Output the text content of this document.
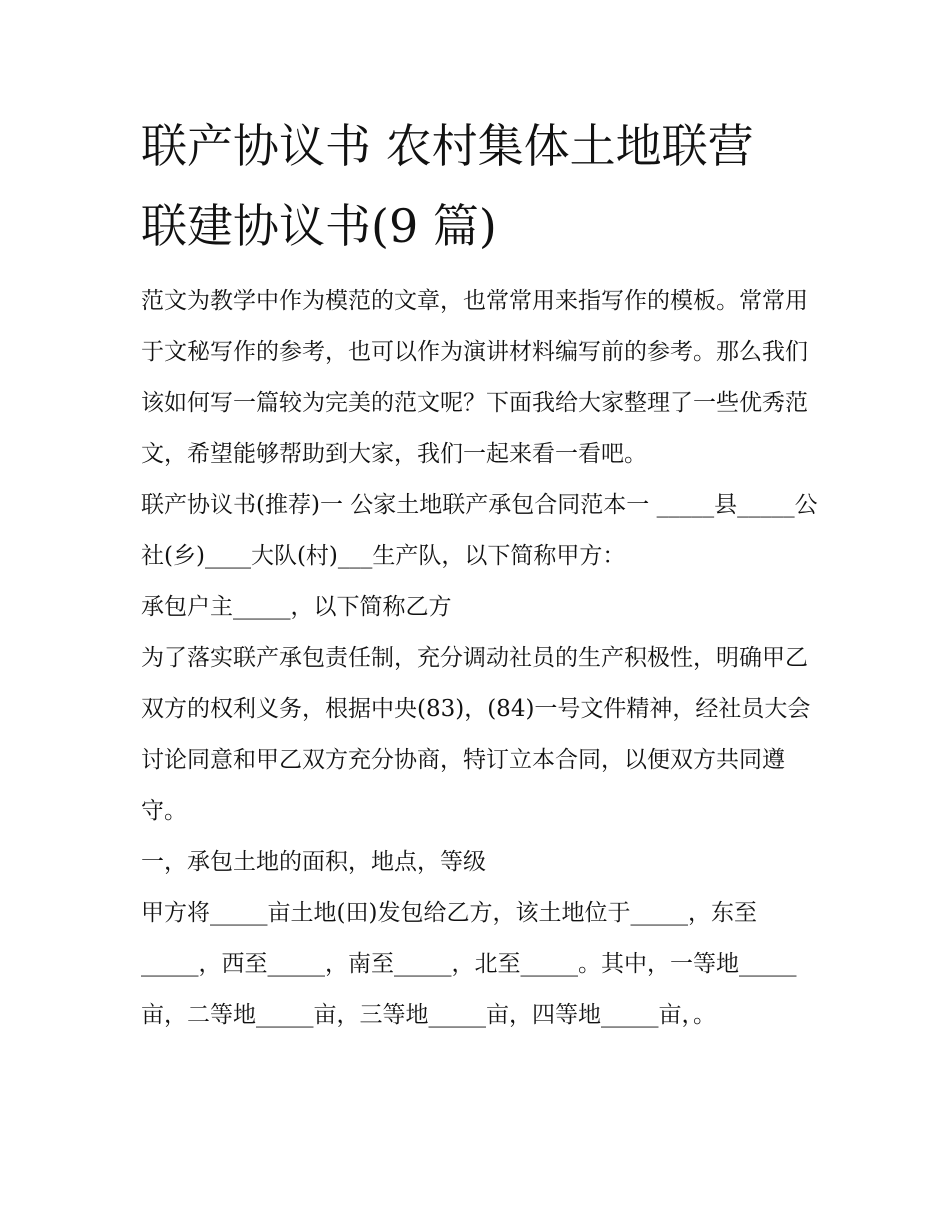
联产协议书 农村集体土地联营
联建协议书(9 篇)

范文为教学中作为模范的文章，也常常用来指写作的模板。常常用于文秘写作的参考，也可以作为演讲材料编写前的参考。那么我们该如何写一篇较为完美的范文呢？下面我给大家整理了一些优秀范文，希望能够帮助到大家，我们一起来看一看吧。

联产协议书(推荐)一 公家土地联产承包合同范本一 _____县_____公社(乡)____大队(村)___生产队，以下简称甲方：

承包户主_____，以下简称乙方

为了落实联产承包责任制，充分调动社员的生产积极性，明确甲乙双方的权利义务，根据中央(83)，(84)一号文件精神，经社员大会讨论同意和甲乙双方充分协商，特订立本合同，以便双方共同遵守。

一，承包土地的面积，地点，等级

甲方将_____亩土地(田)发包给乙方，该土地位于_____，东至_____，西至_____，南至_____，北至_____。其中，一等地_____亩，二等地_____亩，三等地_____亩，四等地_____亩，。
